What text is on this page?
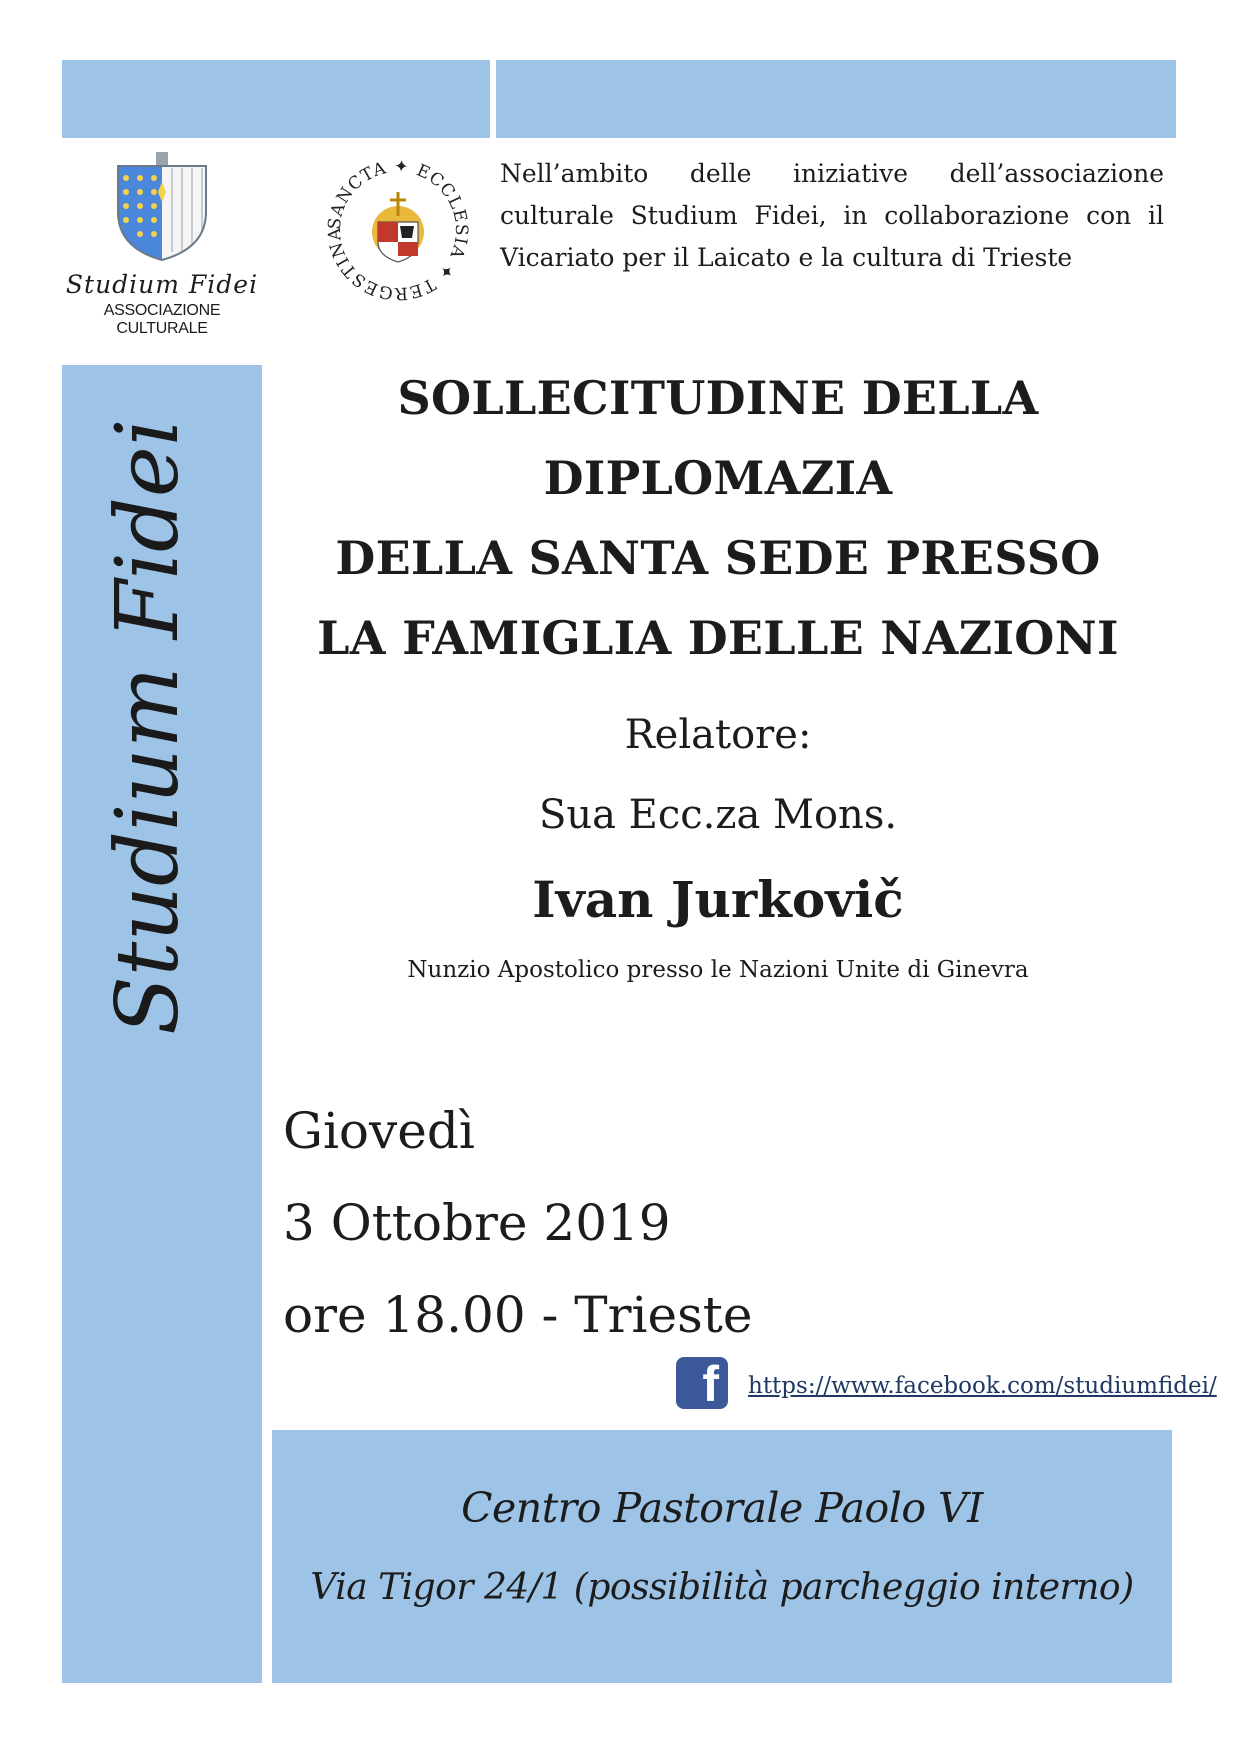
Studium Fidei
ASSOCIAZIONE CULTURALE
SANCTA ✦ ECCLESIA ✦ TERGESTINA
Nell’ambito delle iniziative dell’associazione culturale Studium Fidei, in collaborazione con il Vicariato per il Laicato e la cultura di Trieste
Studium Fidei
SOLLECITUDINE DELLA DIPLOMAZIA
DELLA SANTA SEDE PRESSO
LA FAMIGLIA DELLE NAZIONI
Relatore:
Sua Ecc.za Mons.
Ivan Jurkovič
Nunzio Apostolico presso le Nazioni Unite di Ginevra
Giovedì
3 Ottobre 2019
ore 18.00 - Trieste
f https://www.facebook.com/studiumfidei/
Centro Pastorale Paolo VI
Via Tigor 24/1 (possibilità parcheggio interno)
